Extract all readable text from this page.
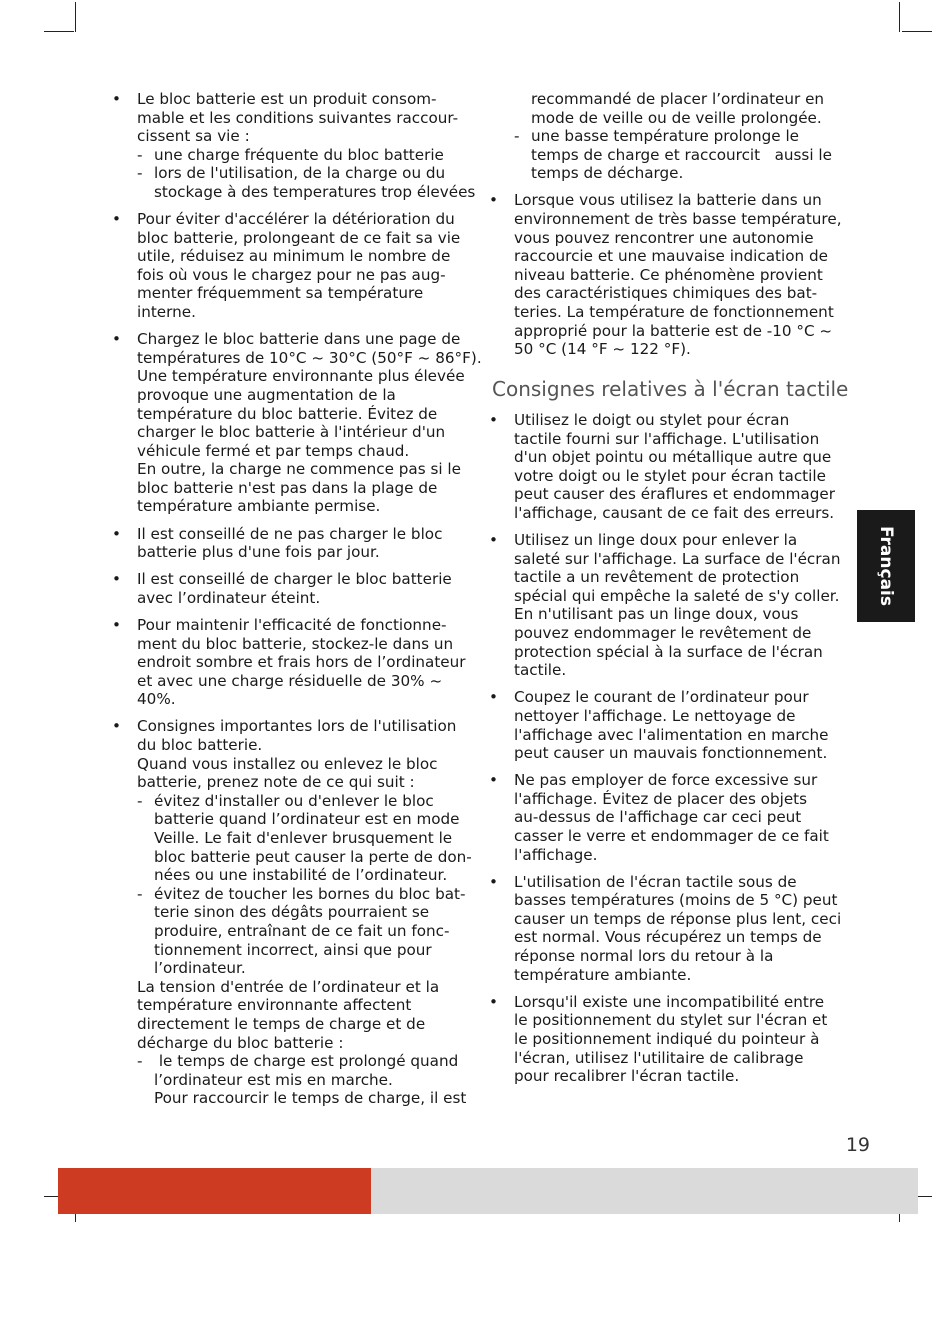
• Le bloc batterie est un produit consom-
mable et les conditions suivantes raccour-
cissent sa vie :
- une charge fréquente du bloc batterie
- lors de l'utilisation, de la charge ou du
stockage à des temperatures trop élevées
• Pour éviter d'accélérer la détérioration du
bloc batterie, prolongeant de ce fait sa vie
utile, réduisez au minimum le nombre de
fois où vous le chargez pour ne pas aug-
menter fréquemment sa température
interne.
• Chargez le bloc batterie dans une page de
températures de 10°C ~ 30°C (50°F ~ 86°F).
Une température environnante plus élevée
provoque une augmentation de la
température du bloc batterie. Évitez de
charger le bloc batterie à l'intérieur d'un
véhicule fermé et par temps chaud.
En outre, la charge ne commence pas si le
bloc batterie n'est pas dans la plage de
température ambiante permise.
• Il est conseillé de ne pas charger le bloc
batterie plus d'une fois par jour.
• Il est conseillé de charger le bloc batterie
avec l’ordinateur éteint.
• Pour maintenir l'efficacité de fonctionne-
ment du bloc batterie, stockez-le dans un
endroit sombre et frais hors de l’ordinateur
et avec une charge résiduelle de 30% ~
40%.
• Consignes importantes lors de l'utilisation
du bloc batterie.
Quand vous installez ou enlevez le bloc
batterie, prenez note de ce qui suit :
- évitez d'installer ou d'enlever le bloc
batterie quand l’ordinateur est en mode
Veille. Le fait d'enlever brusquement le
bloc batterie peut causer la perte de don-
nées ou une instabilité de l’ordinateur.
- évitez de toucher les bornes du bloc bat-
terie sinon des dégâts pourraient se
produire, entraînant de ce fait un fonc-
tionnement incorrect, ainsi que pour
l’ordinateur.
La tension d'entrée de l’ordinateur et la
température environnante affectent
directement le temps de charge et de
décharge du bloc batterie :
- le temps de charge est prolongé quand
l’ordinateur est mis en marche.
Pour raccourcir le temps de charge, il est
recommandé de placer l’ordinateur en
mode de veille ou de veille prolongée.
- une basse température prolonge le
temps de charge et raccourcit   aussi le
temps de décharge.
• Lorsque vous utilisez la batterie dans un
environnement de très basse température,
vous pouvez rencontrer une autonomie
raccourcie et une mauvaise indication de
niveau batterie. Ce phénomène provient
des caractéristiques chimiques des bat-
teries. La température de fonctionnement
approprié pour la batterie est de -10 °C ~
50 °C (14 °F ~ 122 °F).
Consignes relatives à l'écran tactile
• Utilisez le doigt ou stylet pour écran
tactile fourni sur l'affichage. L'utilisation
d'un objet pointu ou métallique autre que
votre doigt ou le stylet pour écran tactile
peut causer des éraflures et endommager
l'affichage, causant de ce fait des erreurs.
• Utilisez un linge doux pour enlever la
saleté sur l'affichage. La surface de l'écran
tactile a un revêtement de protection
spécial qui empêche la saleté de s'y coller.
En n'utilisant pas un linge doux, vous
pouvez endommager le revêtement de
protection spécial à la surface de l'écran
tactile.
• Coupez le courant de l’ordinateur pour
nettoyer l'affichage. Le nettoyage de
l'affichage avec l'alimentation en marche
peut causer un mauvais fonctionnement.
• Ne pas employer de force excessive sur
l'affichage. Évitez de placer des objets
au-dessus de l'affichage car ceci peut
casser le verre et endommager de ce fait
l'affichage.
• L'utilisation de l'écran tactile sous de
basses températures (moins de 5 °C) peut
causer un temps de réponse plus lent, ceci
est normal. Vous récupérez un temps de
réponse normal lors du retour à la
température ambiante.
• Lorsqu'il existe une incompatibilité entre
le positionnement du stylet sur l'écran et
le positionnement indiqué du pointeur à
l'écran, utilisez l'utilitaire de calibrage
pour recalibrer l'écran tactile.
Français
19
